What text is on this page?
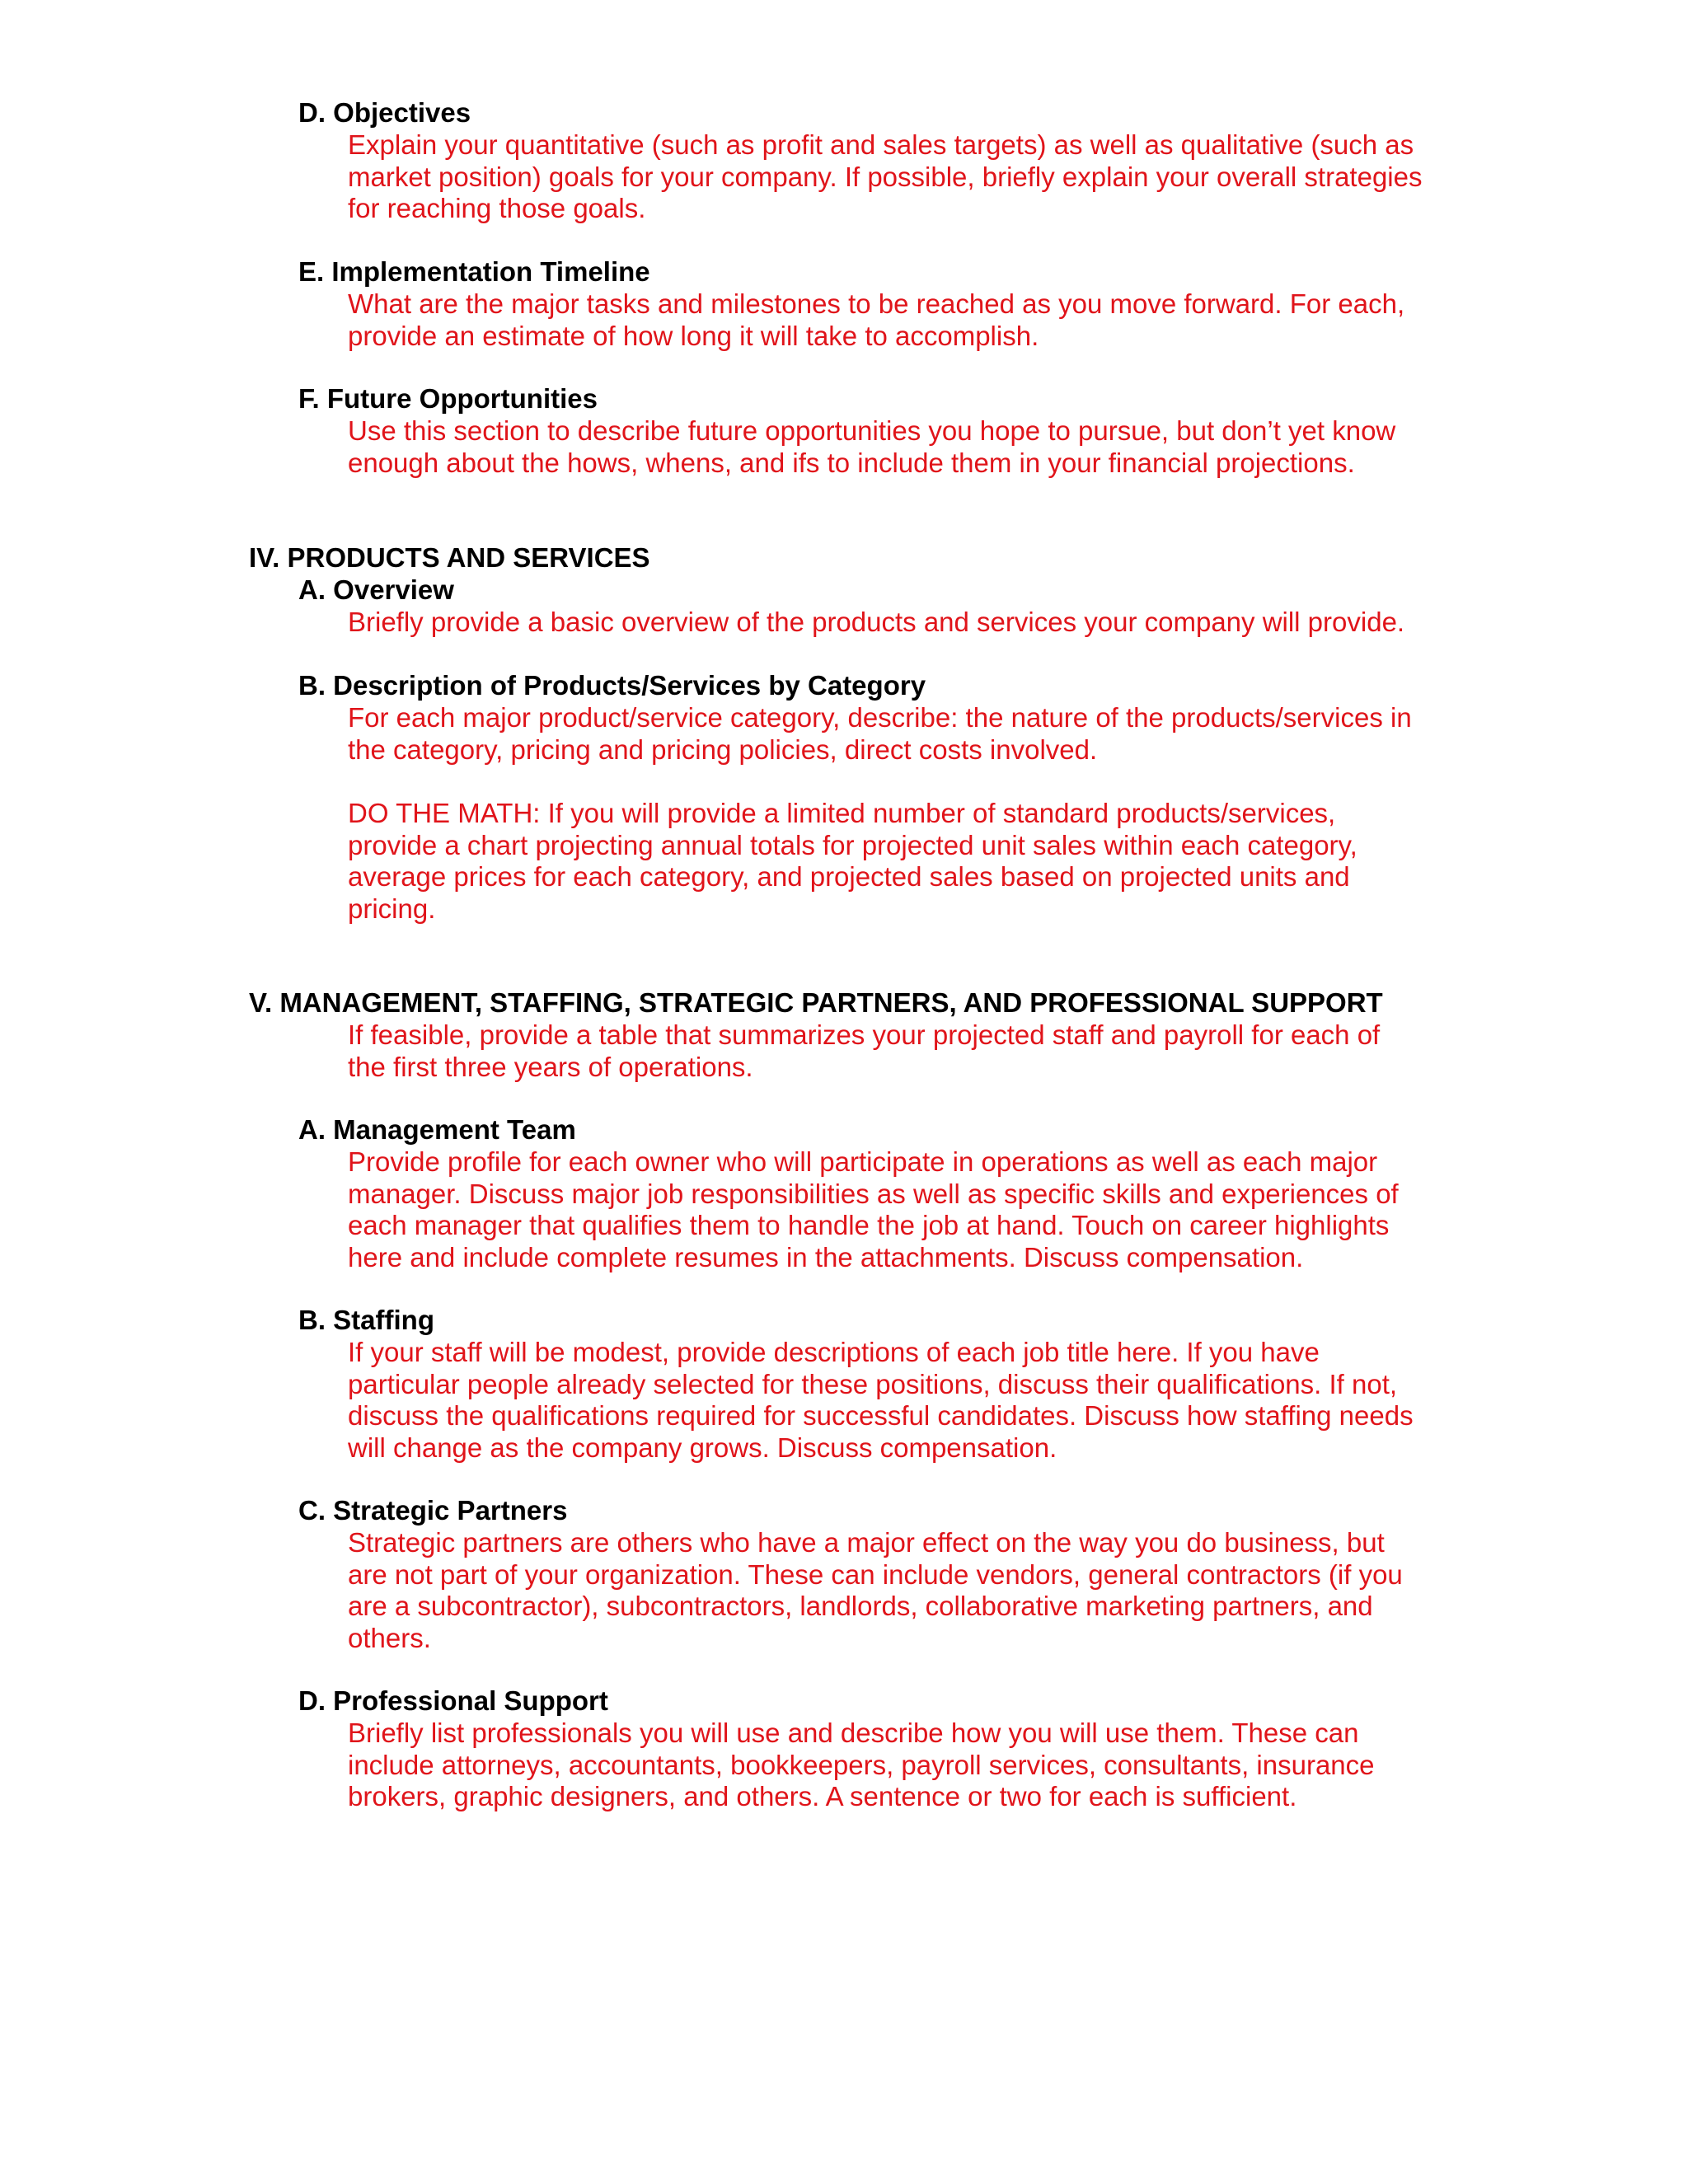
D. Objectives
Explain your quantitative (such as profit and sales targets) as well as qualitative (such as
market position) goals for your company. If possible, briefly explain your overall strategies
for reaching those goals.
E. Implementation Timeline
What are the major tasks and milestones to be reached as you move forward. For each,
provide an estimate of how long it will take to accomplish.
F. Future Opportunities
Use this section to describe future opportunities you hope to pursue, but don’t yet know
enough about the hows, whens, and ifs to include them in your financial projections.
IV. PRODUCTS AND SERVICES
A. Overview
Briefly provide a basic overview of the products and services your company will provide.
B. Description of Products/Services by Category
For each major product/service category, describe: the nature of the products/services in
the category, pricing and pricing policies, direct costs involved.
DO THE MATH: If you will provide a limited number of standard products/services,
provide a chart projecting annual totals for projected unit sales within each category,
average prices for each category, and projected sales based on projected units and
pricing.
V. MANAGEMENT, STAFFING, STRATEGIC PARTNERS, AND PROFESSIONAL SUPPORT
If feasible, provide a table that summarizes your projected staff and payroll for each of
the first three years of operations.
A. Management Team
Provide profile for each owner who will participate in operations as well as each major
manager. Discuss major job responsibilities as well as specific skills and experiences of
each manager that qualifies them to handle the job at hand. Touch on career highlights
here and include complete resumes in the attachments. Discuss compensation.
B. Staffing
If your staff will be modest, provide descriptions of each job title here. If you have
particular people already selected for these positions, discuss their qualifications. If not,
discuss the qualifications required for successful candidates. Discuss how staffing needs
will change as the company grows. Discuss compensation.
C. Strategic Partners
Strategic partners are others who have a major effect on the way you do business, but
are not part of your organization. These can include vendors, general contractors (if you
are a subcontractor), subcontractors, landlords, collaborative marketing partners, and
others.
D. Professional Support
Briefly list professionals you will use and describe how you will use them. These can
include attorneys, accountants, bookkeepers, payroll services, consultants, insurance
brokers, graphic designers, and others. A sentence or two for each is sufficient.
